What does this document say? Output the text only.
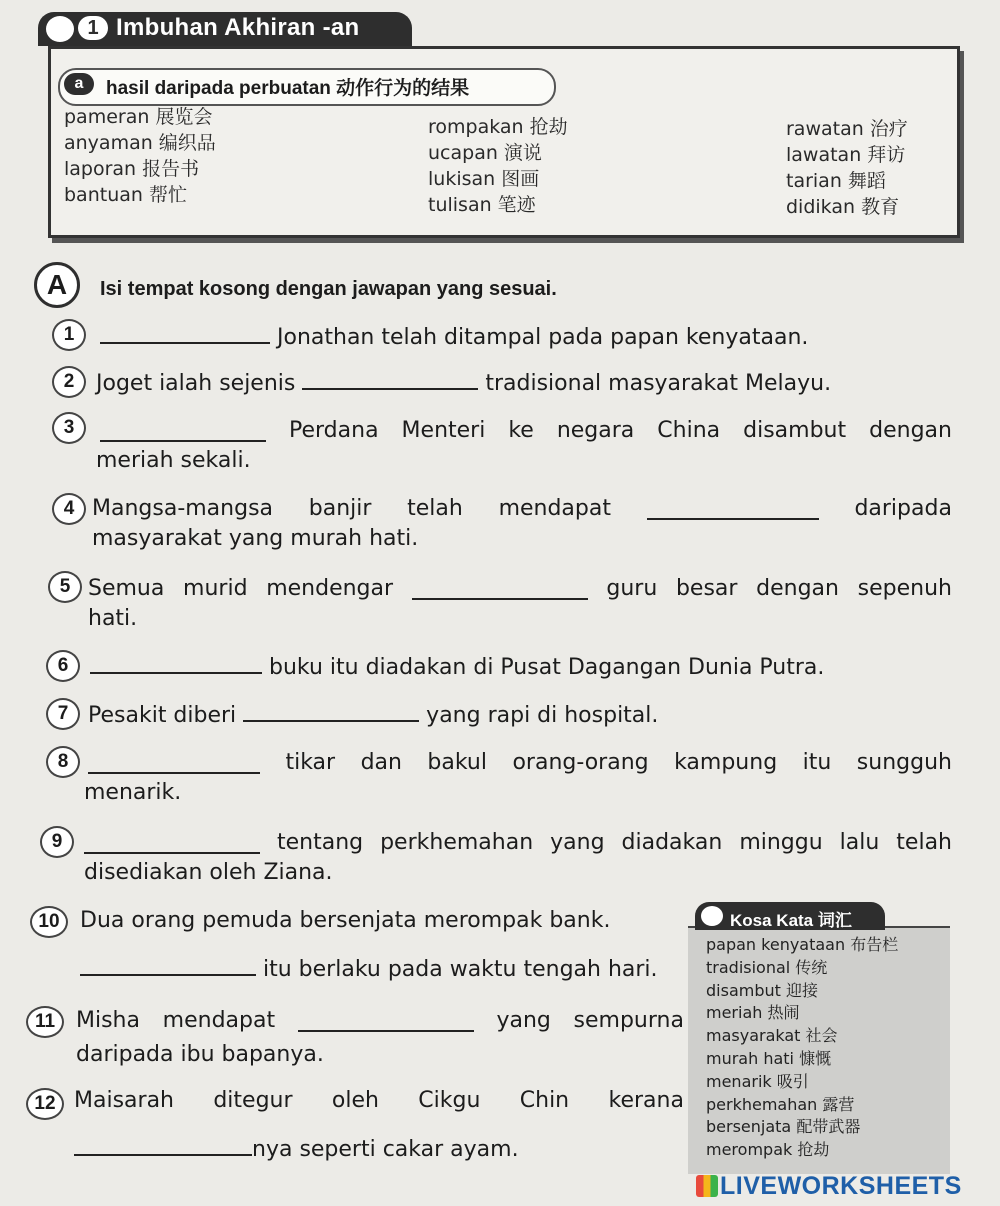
1 Imbuhan Akhiran -an
a	hasil daripada perbuatan 动作行为的结果
pameran 展览会
anyaman 编织品
laporan 报告书
bantuan 帮忙
rompakan 抢劫
ucapan 演说
lukisan 图画
tulisan 笔迹
rawatan 治疗
lawatan 拜访
tarian 舞蹈
didikan 教育
A	Isi tempat kosong dengan jawapan yang sesuai.
1	Jonathan telah ditampal pada papan kenyataan.
2 Joget ialah sejenis	tradisional masyarakat Melayu.
3	Perdana Menteri ke negara China disambut dengan
meriah sekali.
4 Mangsa-mangsa banjir telah mendapat	daripada
masyarakat yang murah hati.
5 Semua murid mendengar	guru besar dengan sepenuh
hati.
6	buku itu diadakan di Pusat Dagangan Dunia Putra.
7 Pesakit diberi	yang rapi di hospital.
8	tikar dan bakul orang-orang kampung itu sungguh
menarik.
9	tentang perkhemahan yang diadakan minggu lalu telah
disediakan oleh Ziana.
10 Dua orang pemuda bersenjata merompak bank.
itu berlaku pada waktu tengah hari.
11 Misha mendapat	yang sempurna
daripada ibu bapanya.
12 Maisarah ditegur oleh Cikgu Chin kerana
nya seperti cakar ayam.
Kosa Kata 词汇
papan kenyataan 布告栏
tradisional 传统
disambut 迎接
meriah 热闹
masyarakat 社会
murah hati 慷慨
menarik 吸引
perkhemahan 露营
bersenjata 配带武器
merompak 抢劫
LIVEWORKSHEETS
